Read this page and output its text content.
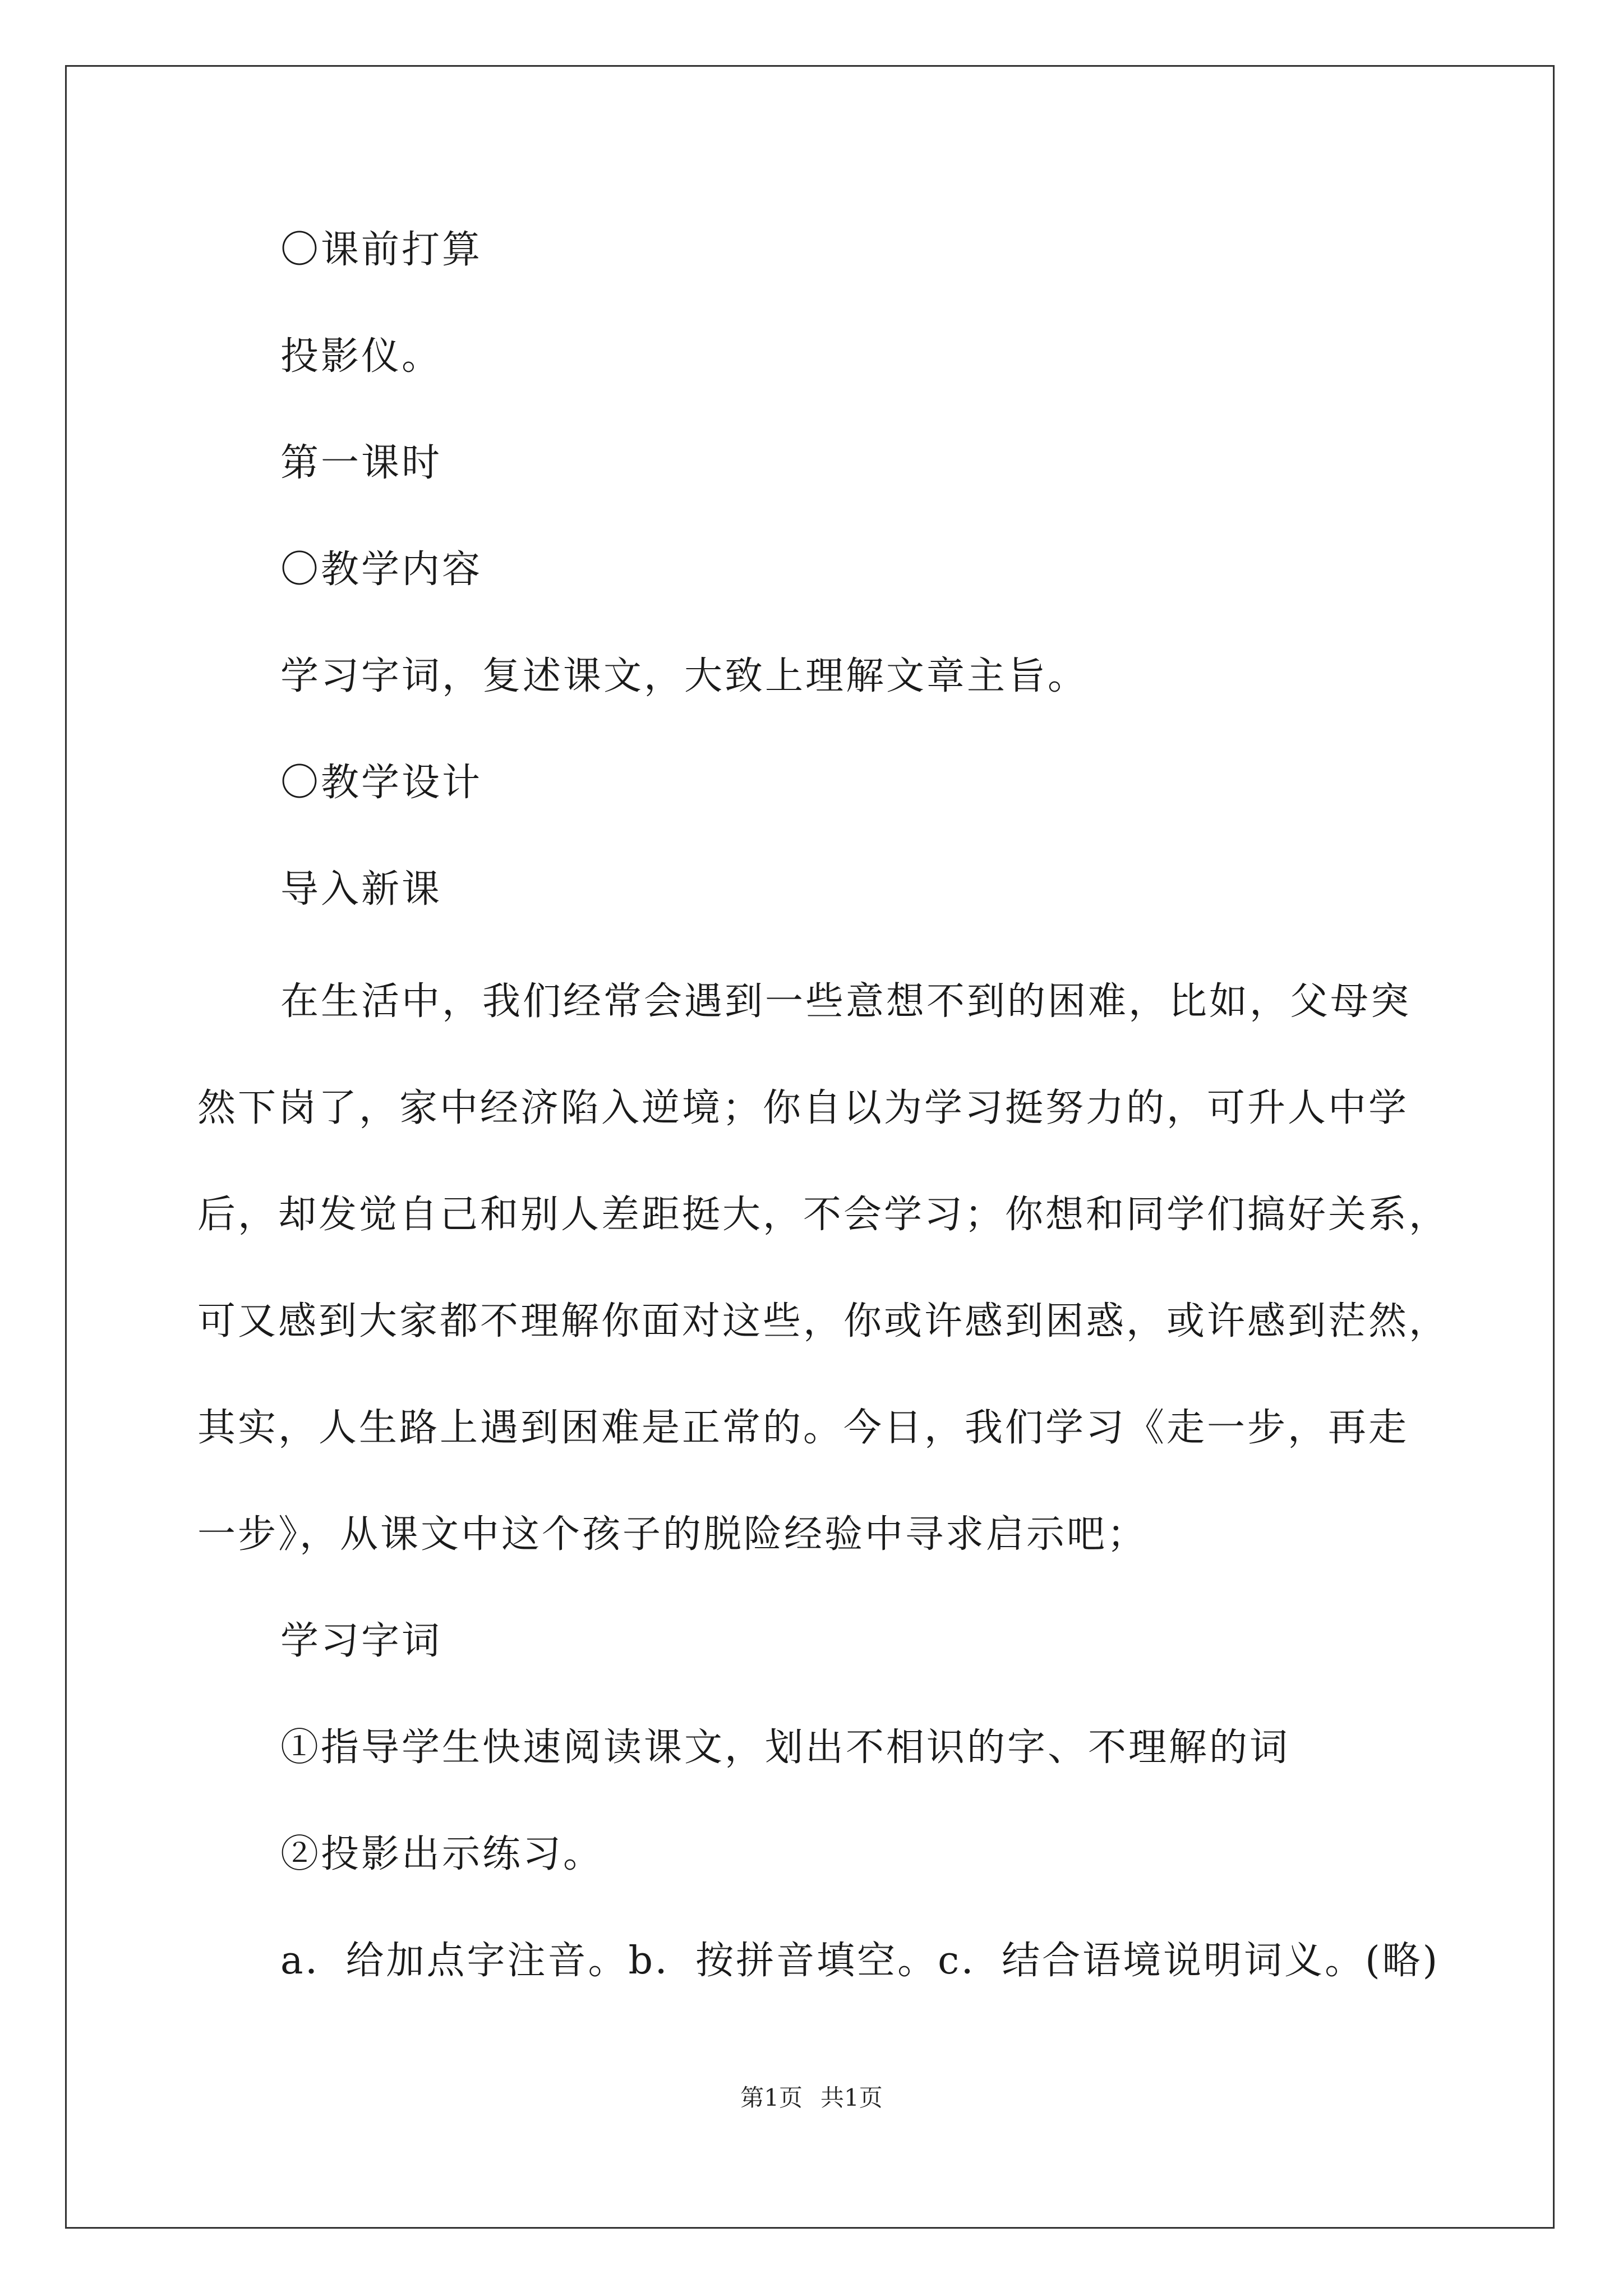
〇课前打算

投影仪。

第一课时

〇教学内容

学习字词，复述课文，大致上理解文章主旨。

〇教学设计

导入新课

在生活中，我们经常会遇到一些意想不到的困难，比如，父母突

然下岗了，家中经济陷入逆境；你自以为学习挺努力的，可升人中学

后，却发觉自己和别人差距挺大，不会学习；你想和同学们搞好关系，

可又感到大家都不理解你面对这些，你或许感到困惑，或许感到茫然，

其实，人生路上遇到困难是正常的。今日，我们学习《走一步，再走

一步》，从课文中这个孩子的脱险经验中寻求启示吧；

学习字词

①指导学生快速阅读课文，划出不相识的字、不理解的词

②投影出示练习。

a．给加点字注音。b．按拼音填空。c．结合语境说明词义。(略)

第1页 共1页
